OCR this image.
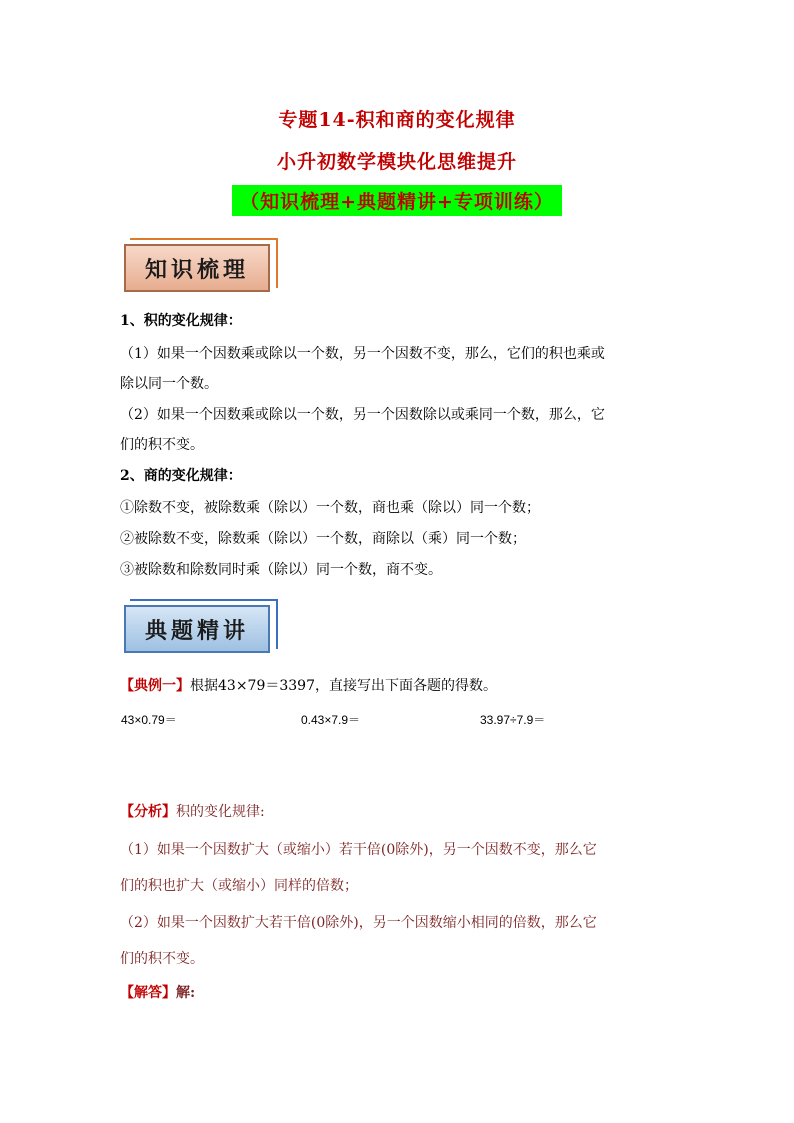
专题14-积和商的变化规律
小升初数学模块化思维提升
（知识梳理+典题精讲+专项训练）
知识梳理
1、积的变化规律：
（1）如果一个因数乘或除以一个数，另一个因数不变，那么，它们的积也乘或
除以同一个数。
（2）如果一个因数乘或除以一个数，另一个因数除以或乘同一个数，那么，它
们的积不变。
2、商的变化规律：
①除数不变，被除数乘（除以）一个数，商也乘（除以）同一个数；
②被除数不变，除数乘（除以）一个数，商除以（乘）同一个数；
③被除数和除数同时乘（除以）同一个数，商不变。
典题精讲
【典例一】根据43×79＝3397，直接写出下面各题的得数。
43×0.79＝	0.43×7.9＝	33.97÷7.9＝
【分析】积的变化规律:
（1）如果一个因数扩大（或缩小）若干倍(0除外)，另一个因数不变，那么它
们的积也扩大（或缩小）同样的倍数；
（2）如果一个因数扩大若干倍(0除外)，另一个因数缩小相同的倍数，那么它
们的积不变。
【解答】解:
